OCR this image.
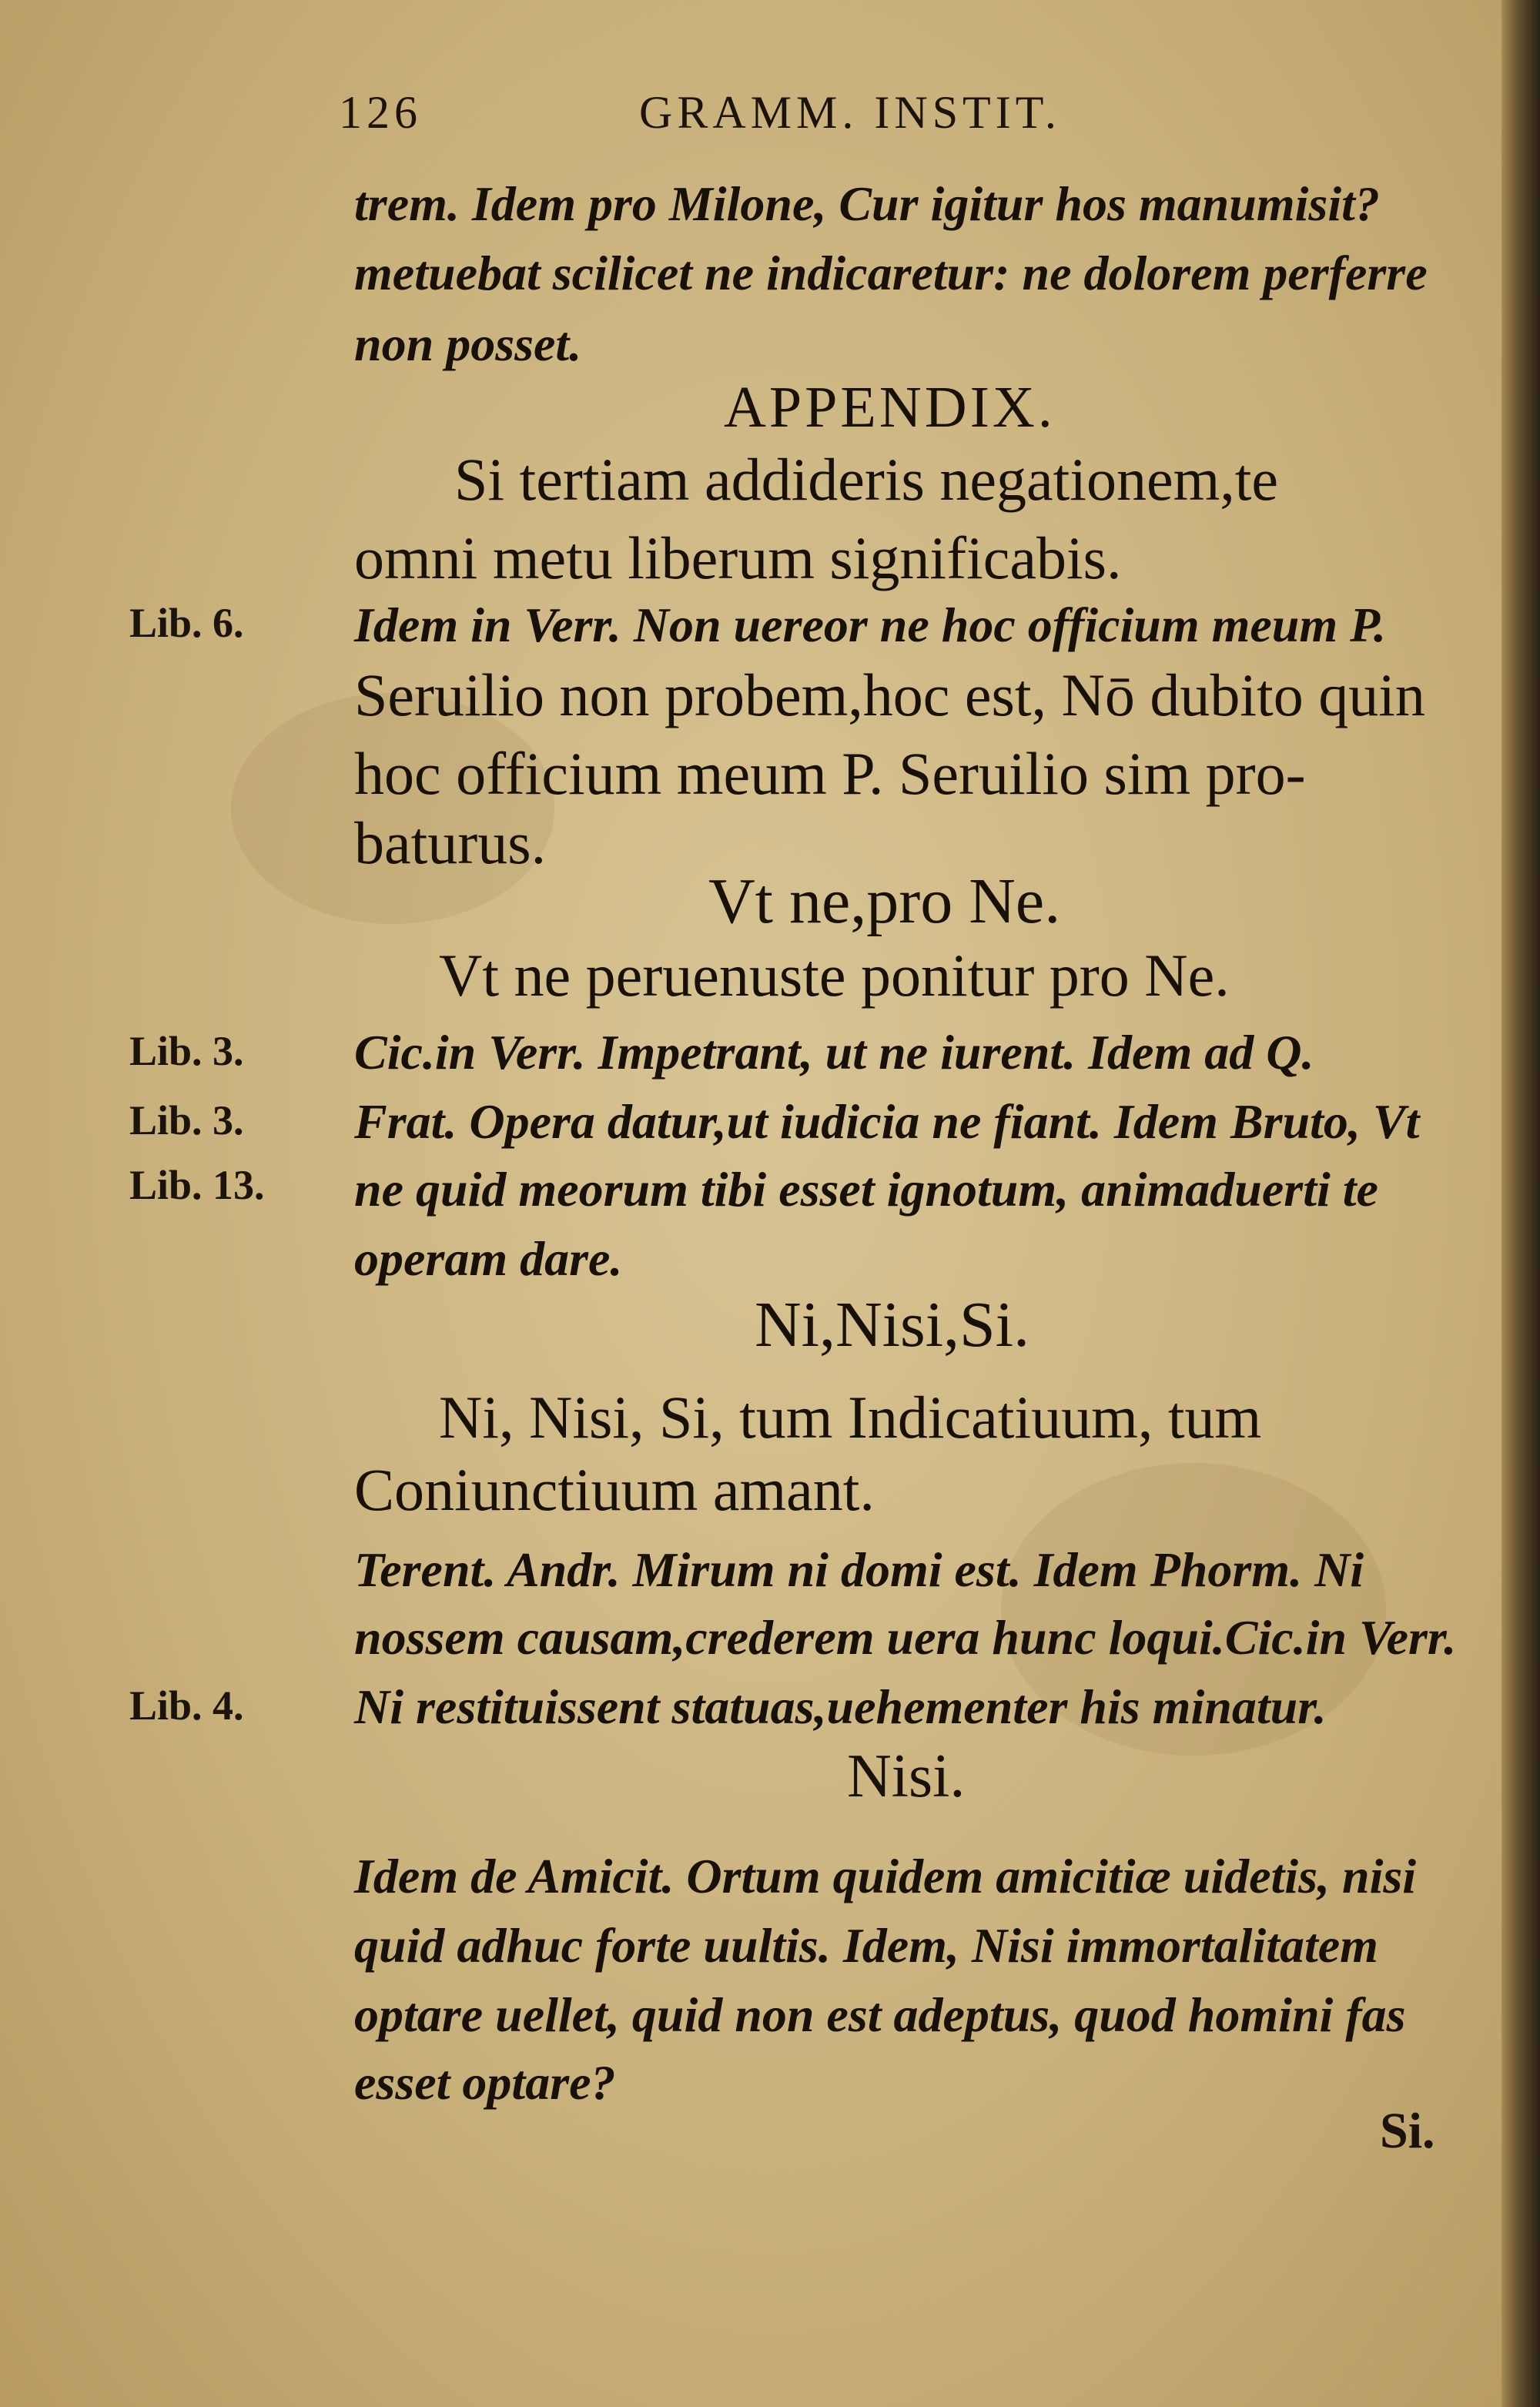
126	GRAMM. INSTIT.
trem. Idem pro Milone, Cur igitur hos manumisit?
metuebat scilicet ne indicaretur: ne dolorem perferre
non posset.
APPENDIX.
Si tertiam addideris negationem,te
omni metu liberum significabis.
Idem in Verr. Non uereor ne hoc officium meum P.
Seruilio non probem,hoc est, Nō dubito quin
hoc officium meum P. Seruilio sim pro-
baturus.
Vt ne,pro Ne.
Vt ne peruenuste ponitur pro Ne.
Cic.in Verr. Impetrant, ut ne iurent. Idem ad Q.
Frat. Opera datur,ut iudicia ne fiant. Idem Bruto, Vt
ne quid meorum tibi esset ignotum, animaduerti te
operam dare.
Ni,Nisi,Si.
Ni, Nisi, Si, tum Indicatiuum, tum
Coniunctiuum amant.
Terent. Andr. Mirum ni domi est. Idem Phorm. Ni
nossem causam,crederem uera hunc loqui.Cic.in Verr.
Ni restituissent statuas,uehementer his minatur.
Nisi.
Idem de Amicit. Ortum quidem amicitiæ uidetis, nisi
quid adhuc forte uultis. Idem, Nisi immortalitatem
optare uellet, quid non est adeptus, quod homini fas
esset optare?
Lib. 6.
Lib. 3.
Lib. 3.
Lib. 13.
Lib. 4.
Si.
